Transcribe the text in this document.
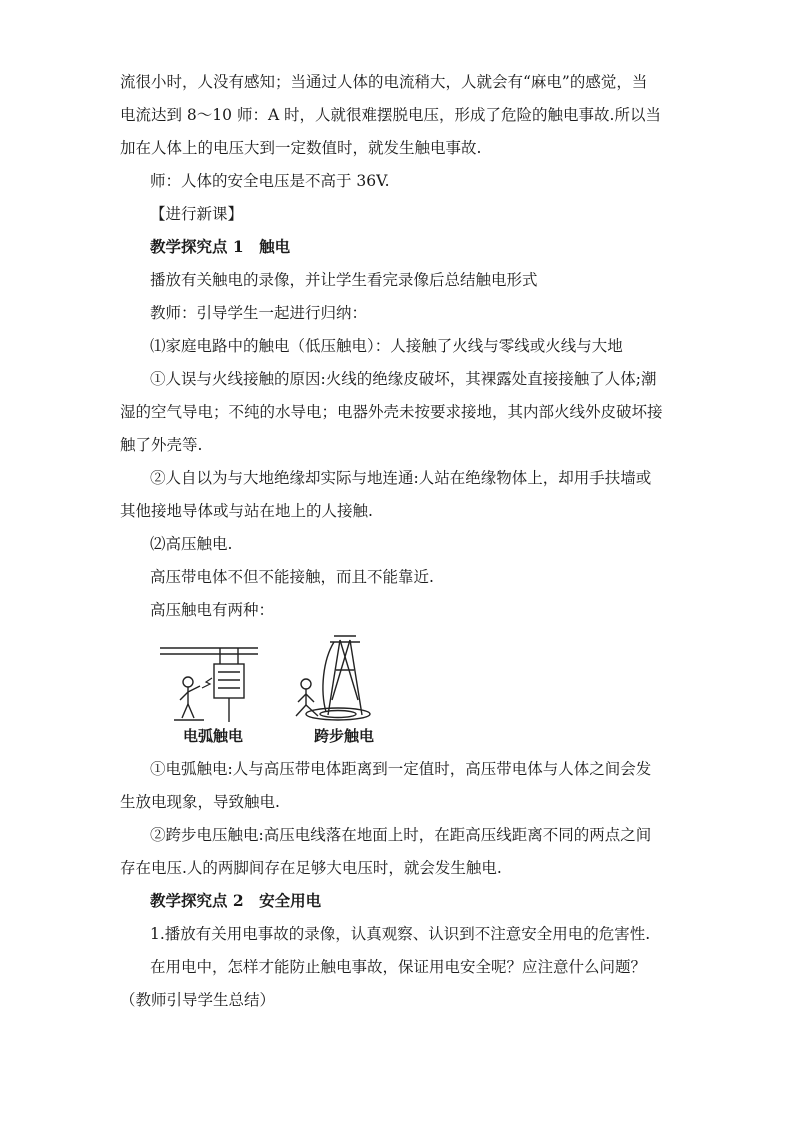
流很小时，人没有感知；当通过人体的电流稍大，人就会有“麻电”的感觉，当
电流达到 8～10 师：A 时，人就很难摆脱电压，形成了危险的触电事故.所以当
加在人体上的电压大到一定数值时，就发生触电事故.
师：人体的安全电压是不高于 36V.
【进行新课】
教学探究点 1　触电
播放有关触电的录像，并让学生看完录像后总结触电形式
教师：引导学生一起进行归纳：
⑴家庭电路中的触电（低压触电）：人接触了火线与零线或火线与大地
①人误与火线接触的原因:火线的绝缘皮破坏，其裸露处直接接触了人体;潮
湿的空气导电；不纯的水导电；电器外壳未按要求接地，其内部火线外皮破坏接
触了外壳等.
②人自以为与大地绝缘却实际与地连通:人站在绝缘物体上，却用手扶墙或
其他接地导体或与站在地上的人接触.
⑵高压触电.
高压带电体不但不能接触，而且不能靠近.
高压触电有两种：
电弧触电	跨步触电
①电弧触电:人与高压带电体距离到一定值时，高压带电体与人体之间会发
生放电现象，导致触电.
②跨步电压触电:高压电线落在地面上时，在距高压线距离不同的两点之间
存在电压.人的两脚间存在足够大电压时，就会发生触电.
教学探究点 2　安全用电
1.播放有关用电事故的录像，认真观察、认识到不注意安全用电的危害性.
在用电中，怎样才能防止触电事故，保证用电安全呢？应注意什么问题？
（教师引导学生总结）
